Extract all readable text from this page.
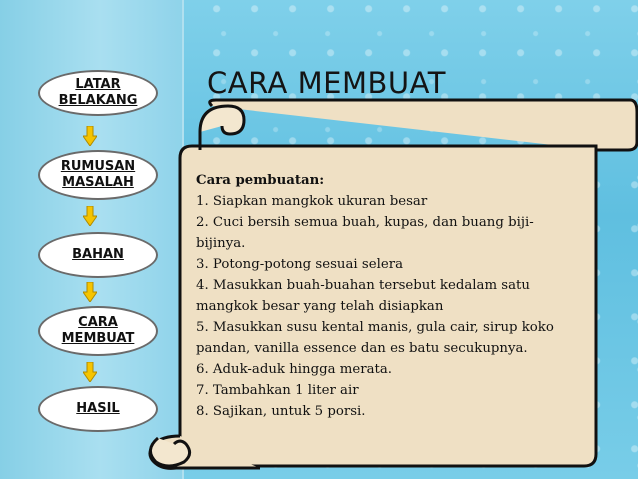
LATAR
BELAKANG
RUMUSAN
MASALAH
BAHAN
CARA
MEMBUAT
HASIL
CARA MEMBUAT
Cara pembuatan:
1. Siapkan mangkok ukuran besar
2. Cuci bersih semua buah, kupas, dan buang biji-
bijinya.
3. Potong-potong sesuai selera
4. Masukkan buah-buahan tersebut kedalam satu
mangkok besar yang telah disiapkan
5. Masukkan susu kental manis, gula cair, sirup koko
pandan, vanilla essence dan es batu secukupnya.
6. Aduk-aduk hingga merata.
7. Tambahkan 1 liter air
8. Sajikan, untuk 5 porsi.
